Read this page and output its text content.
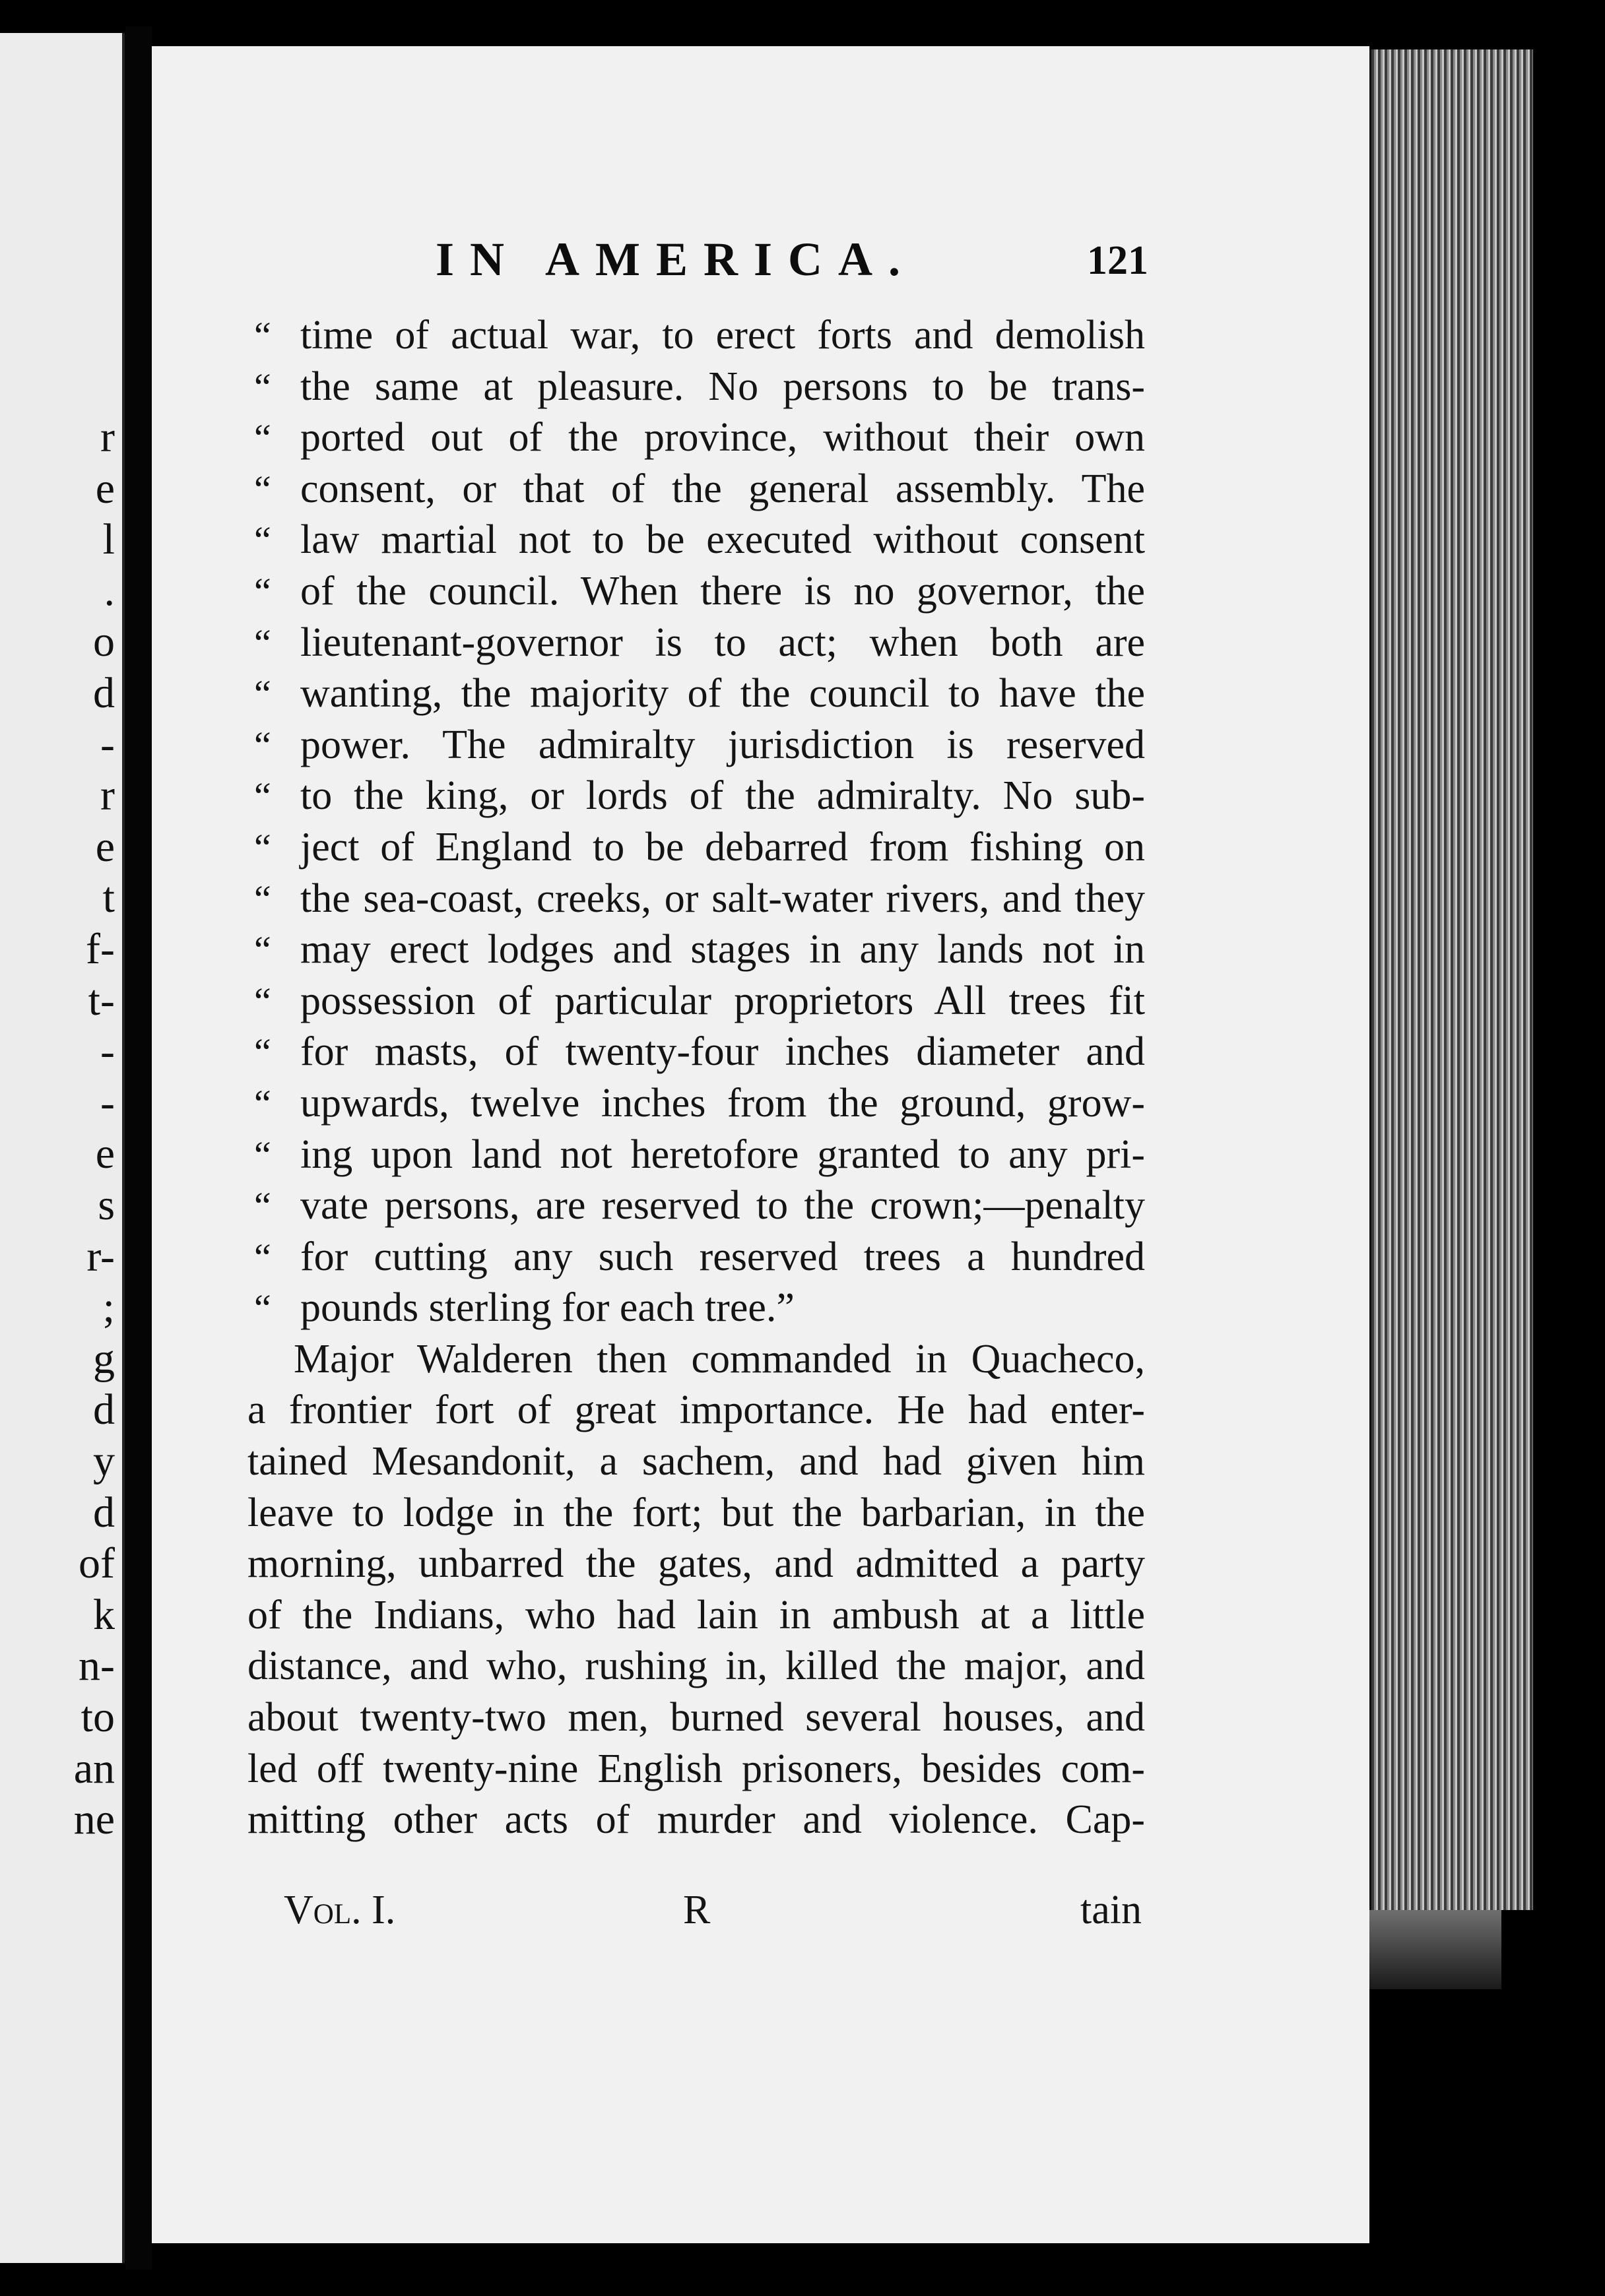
r
e
l
.
o
d
-
r
e
t
f-
t-
-
-
e
s
r-
;
g
d
y
d
of
k
n-
to
an
ne
IN AMERICA.	121
“ time of actual war, to erect forts and demolish
“ the same at pleasure. No persons to be trans-
“ ported out of the province, without their own
“ consent, or that of the general assembly. The
“ law martial not to be executed without consent
“ of the council. When there is no governor, the
“ lieutenant-governor is to act; when both are
“ wanting, the majority of the council to have the
“ power. The admiralty jurisdiction is reserved
“ to the king, or lords of the admiralty. No sub-
“ ject of England to be debarred from fishing on
“ the sea-coast, creeks, or salt-water rivers, and they
“ may erect lodges and stages in any lands not in
“ possession of particular proprietors All trees fit
“ for masts, of twenty-four inches diameter and
“ upwards, twelve inches from the ground, grow-
“ ing upon land not heretofore granted to any pri-
“ vate persons, are reserved to the crown;—penalty
“ for cutting any such reserved trees a hundred
“ pounds sterling for each tree.”
Major Walderen then commanded in Quacheco,
a frontier fort of great importance. He had enter-
tained Mesandonit, a sachem, and had given him
leave to lodge in the fort; but the barbarian, in the
morning, unbarred the gates, and admitted a party
of the Indians, who had lain in ambush at a little
distance, and who, rushing in, killed the major, and
about twenty-two men, burned several houses, and
led off twenty-nine English prisoners, besides com-
mitting other acts of murder and violence. Cap-
Vol. I.	R	tain
